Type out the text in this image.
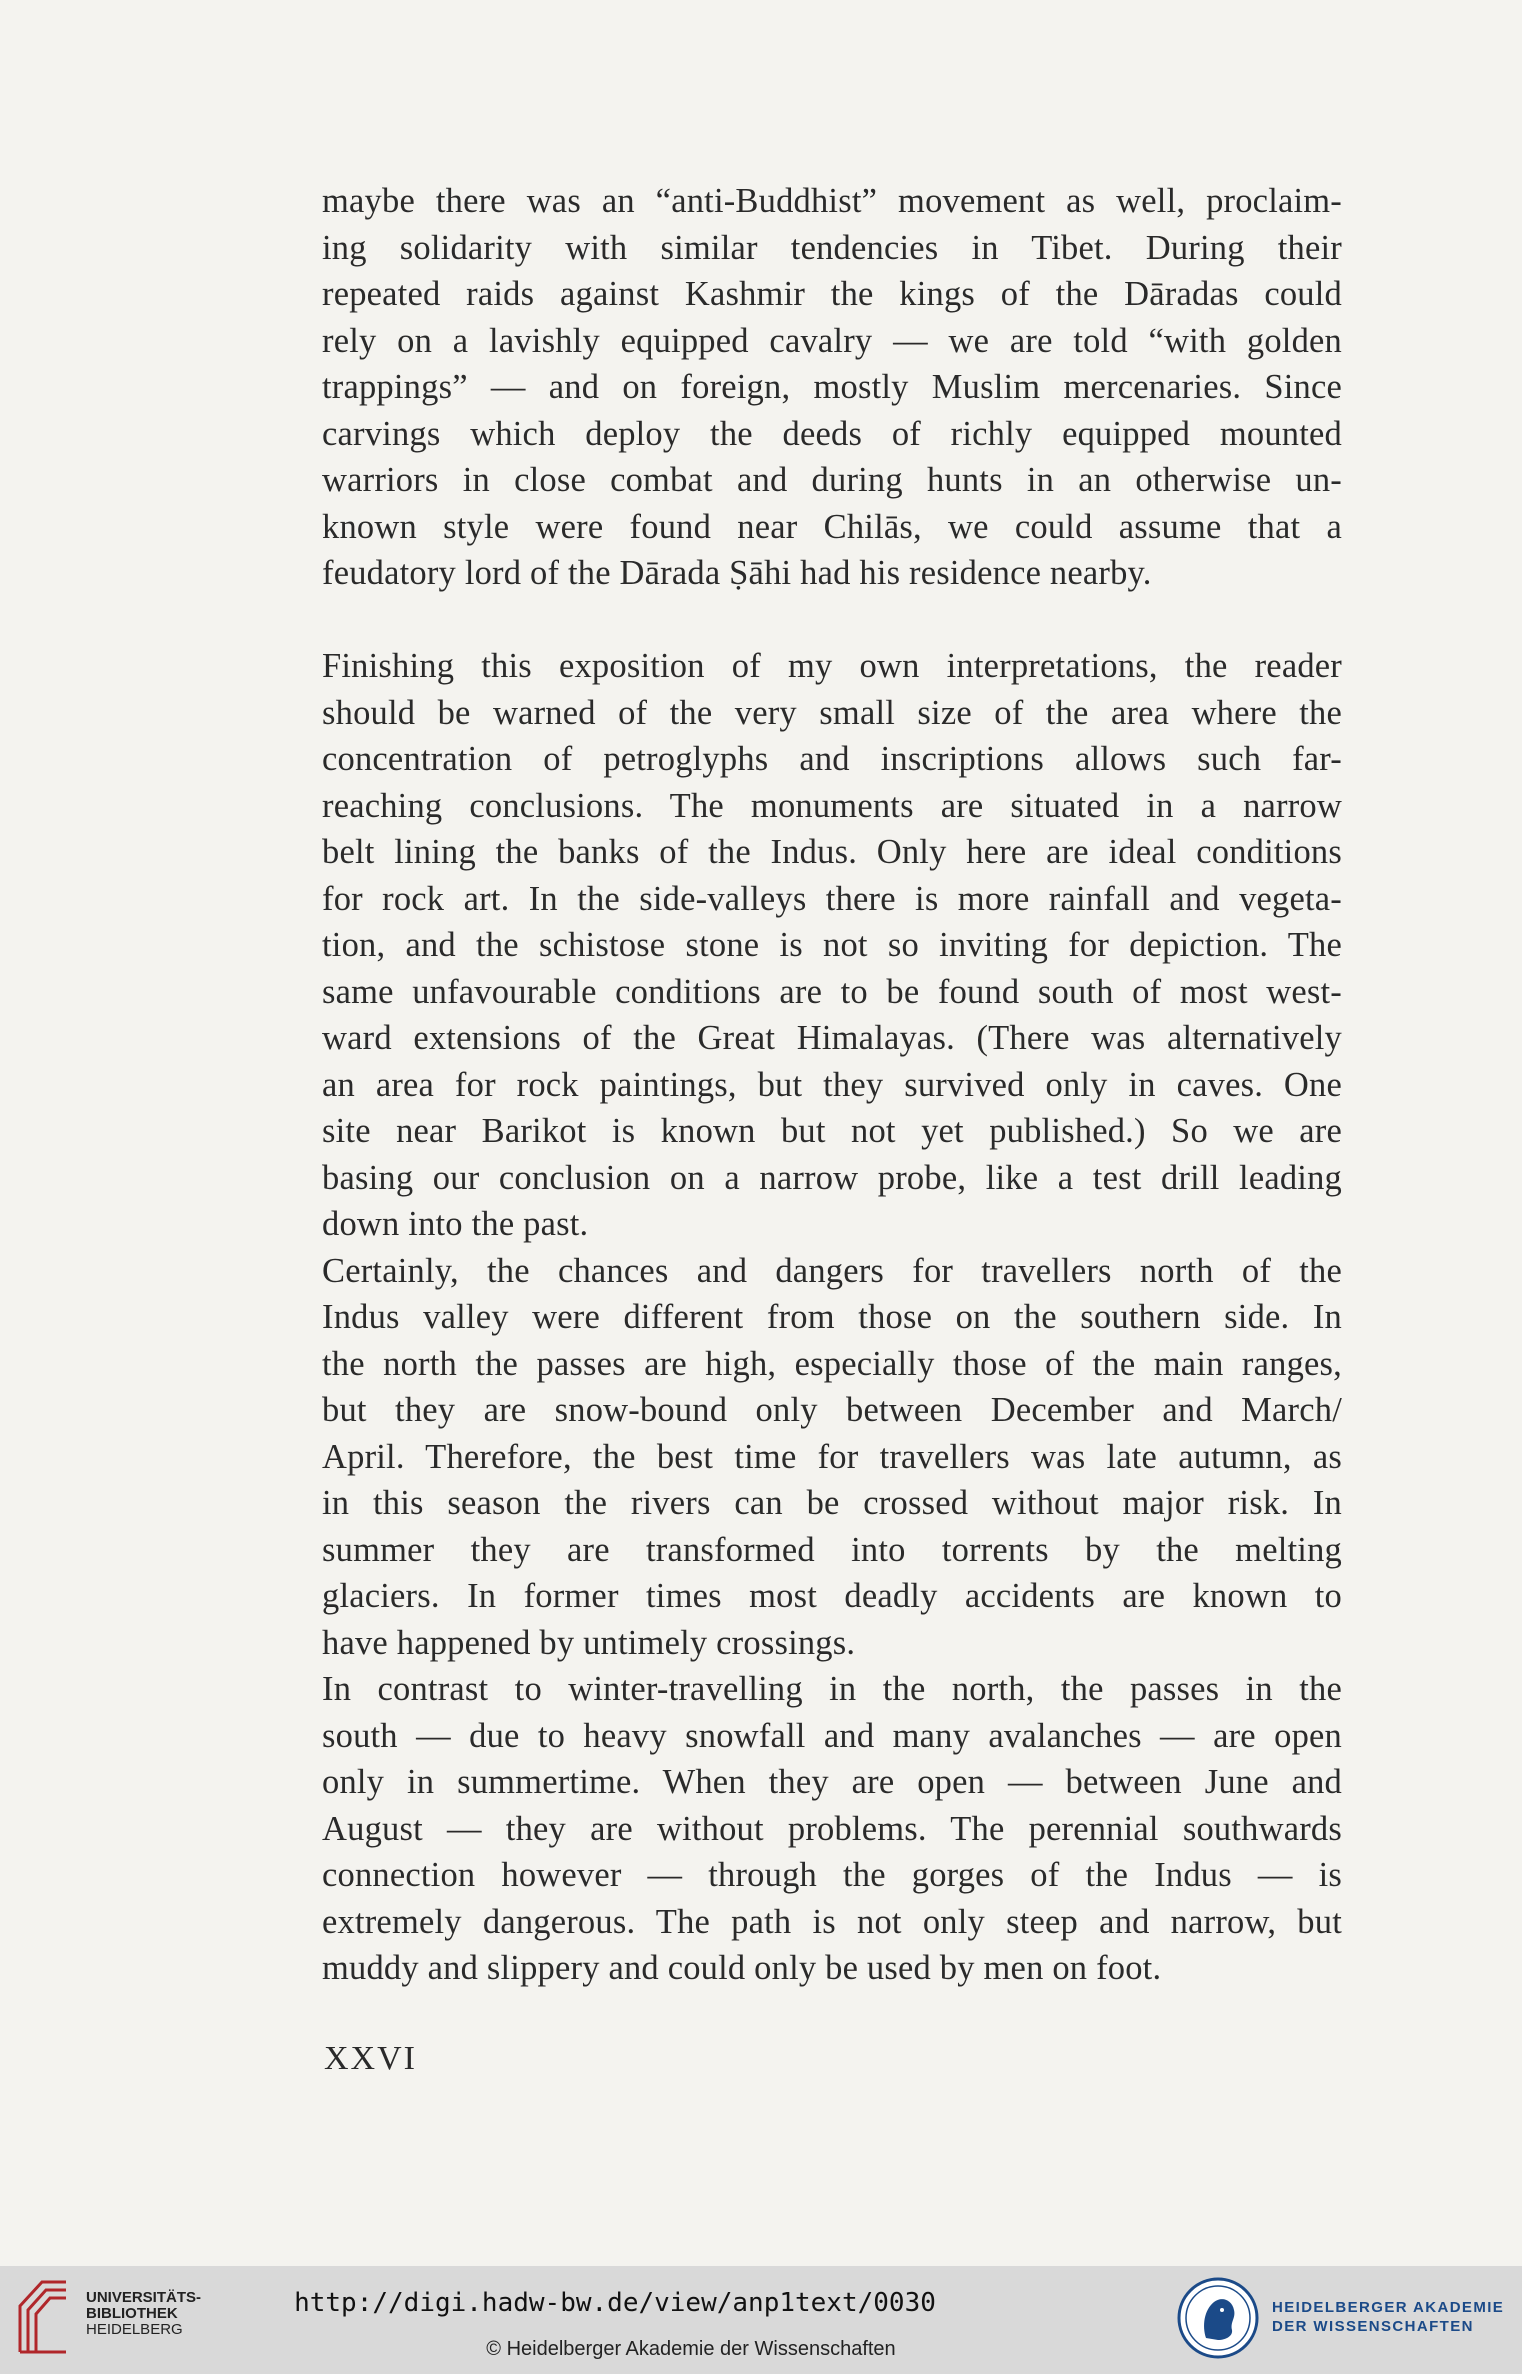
maybe there was an “anti-Buddhist” movement as well, proclaim-
ing solidarity with similar tendencies in Tibet. During their
repeated raids against Kashmir the kings of the Dāradas could
rely on a lavishly equipped cavalry — we are told “with golden
trappings” — and on foreign, mostly Muslim mercenaries. Since
carvings which deploy the deeds of richly equipped mounted
warriors in close combat and during hunts in an otherwise un-
known style were found near Chilās, we could assume that a
feudatory lord of the Dārada Ṣāhi had his residence nearby.
Finishing this exposition of my own interpretations, the reader
should be warned of the very small size of the area where the
concentration of petroglyphs and inscriptions allows such far-
reaching conclusions. The monuments are situated in a narrow
belt lining the banks of the Indus. Only here are ideal conditions
for rock art. In the side-valleys there is more rainfall and vegeta-
tion, and the schistose stone is not so inviting for depiction. The
same unfavourable conditions are to be found south of most west-
ward extensions of the Great Himalayas. (There was alternatively
an area for rock paintings, but they survived only in caves. One
site near Barikot is known but not yet published.) So we are
basing our conclusion on a narrow probe, like a test drill leading
down into the past.
Certainly, the chances and dangers for travellers north of the
Indus valley were different from those on the southern side. In
the north the passes are high, especially those of the main ranges,
but they are snow-bound only between December and March/
April. Therefore, the best time for travellers was late autumn, as
in this season the rivers can be crossed without major risk. In
summer they are transformed into torrents by the melting
glaciers. In former times most deadly accidents are known to
have happened by untimely crossings.
In contrast to winter-travelling in the north, the passes in the
south — due to heavy snowfall and many avalanches — are open
only in summertime. When they are open — between June and
August — they are without problems. The perennial southwards
connection however — through the gorges of the Indus — is
extremely dangerous. The path is not only steep and narrow, but
muddy and slippery and could only be used by men on foot.
XXVI
UNIVERSITÄTS-
BIBLIOTHEK
HEIDELBERG
http://digi.hadw-bw.de/view/anp1text/0030
© Heidelberger Akademie der Wissenschaften
HEIDELBERGER AKADEMIE
DER WISSENSCHAFTEN
